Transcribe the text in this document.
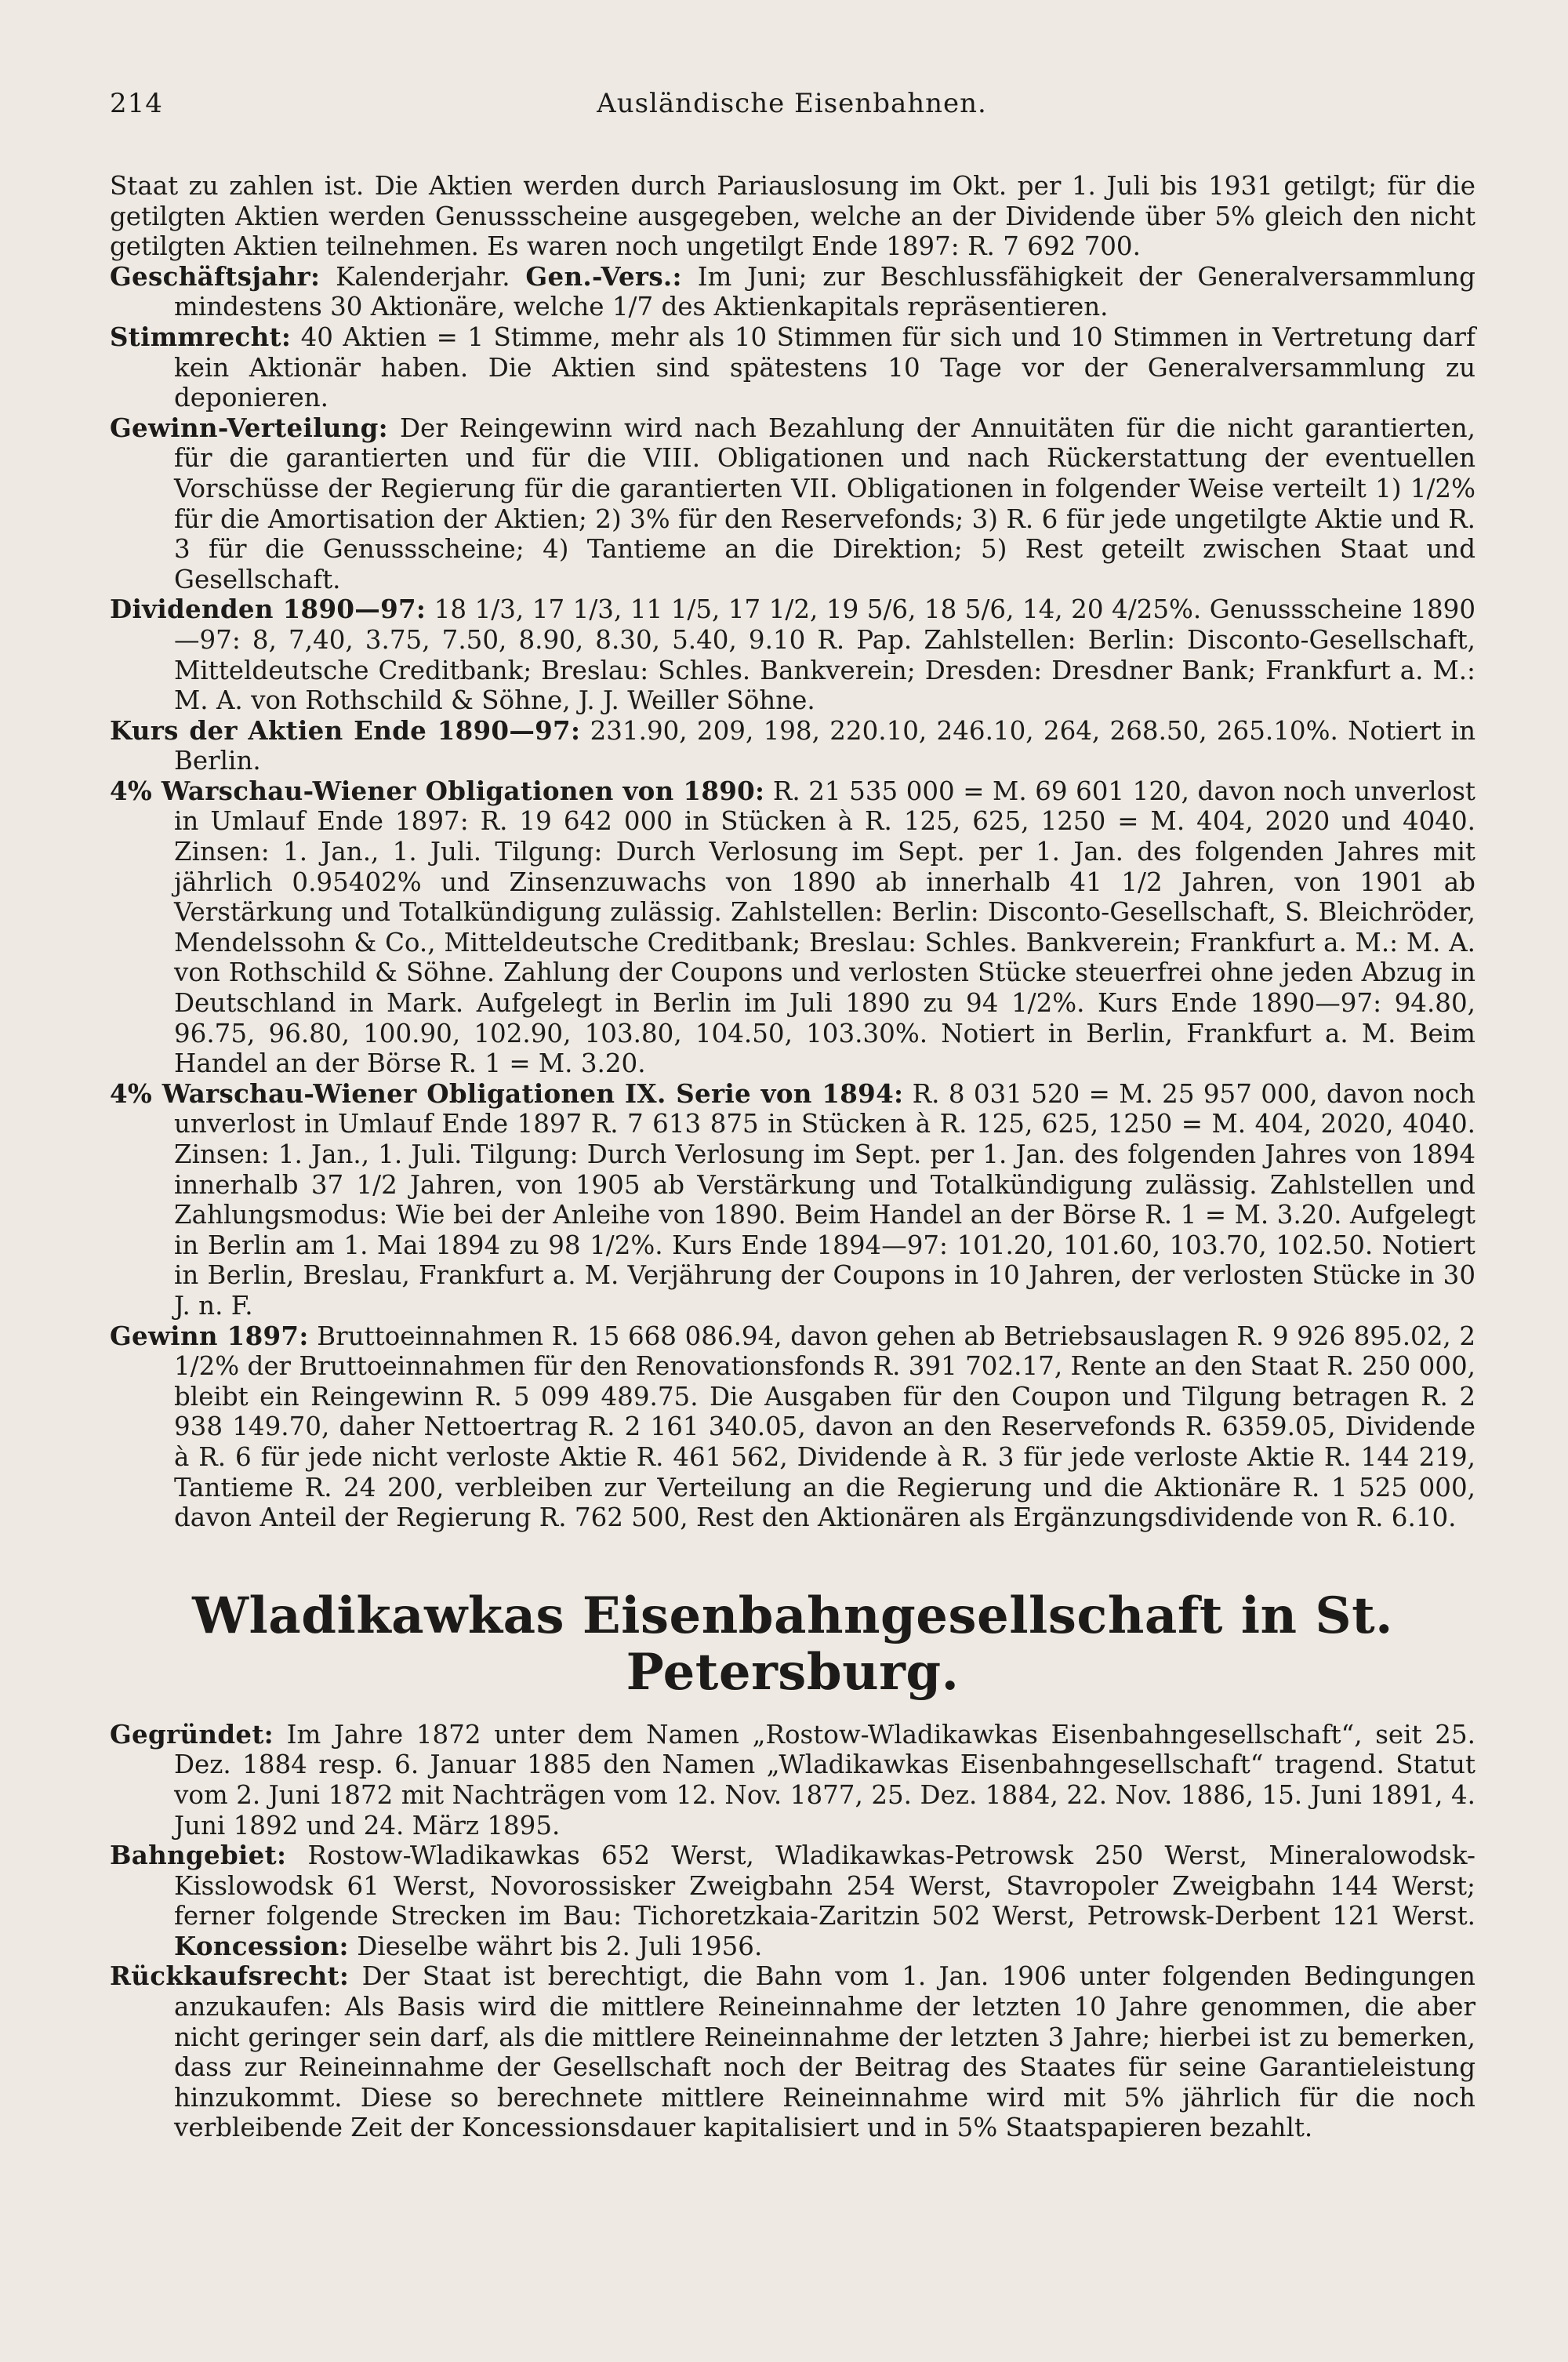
214	Ausländische Eisenbahnen.

Staat zu zahlen ist. Die Aktien werden durch Pariauslosung im Okt. per 1. Juli bis 1931 getilgt; für die getilgten Aktien werden Genussscheine ausgegeben, welche an der Dividende über 5% gleich den nicht getilgten Aktien teilnehmen. Es waren noch ungetilgt Ende 1897: R. 7 692 700.

Geschäftsjahr: Kalenderjahr. Gen.-Vers.: Im Juni; zur Beschlussfähigkeit der Generalversammlung mindestens 30 Aktionäre, welche 1/7 des Aktienkapitals repräsentieren.

Stimmrecht: 40 Aktien = 1 Stimme, mehr als 10 Stimmen für sich und 10 Stimmen in Vertretung darf kein Aktionär haben. Die Aktien sind spätestens 10 Tage vor der Generalversammlung zu deponieren.

Gewinn-Verteilung: Der Reingewinn wird nach Bezahlung der Annuitäten für die nicht garantierten, für die garantierten und für die VIII. Obligationen und nach Rückerstattung der eventuellen Vorschüsse der Regierung für die garantierten VII. Obligationen in folgender Weise verteilt 1) 1/2% für die Amortisation der Aktien; 2) 3% für den Reservefonds; 3) R. 6 für jede ungetilgte Aktie und R. 3 für die Genussscheine; 4) Tantieme an die Direktion; 5) Rest geteilt zwischen Staat und Gesellschaft.

Dividenden 1890—97: 18 1/3, 17 1/3, 11 1/5, 17 1/2, 19 5/6, 18 5/6, 14, 20 4/25%. Genussscheine 1890—97: 8, 7,40, 3.75, 7.50, 8.90, 8.30, 5.40, 9.10 R. Pap. Zahlstellen: Berlin: Disconto-Gesellschaft, Mitteldeutsche Creditbank; Breslau: Schles. Bankverein; Dresden: Dresdner Bank; Frankfurt a. M.: M. A. von Rothschild & Söhne, J. J. Weiller Söhne.

Kurs der Aktien Ende 1890—97: 231.90, 209, 198, 220.10, 246.10, 264, 268.50, 265.10%. Notiert in Berlin.

4% Warschau-Wiener Obligationen von 1890: R. 21 535 000 = M. 69 601 120, davon noch unverlost in Umlauf Ende 1897: R. 19 642 000 in Stücken à R. 125, 625, 1250 = M. 404, 2020 und 4040. Zinsen: 1. Jan., 1. Juli. Tilgung: Durch Verlosung im Sept. per 1. Jan. des folgenden Jahres mit jährlich 0.95402% und Zinsenzuwachs von 1890 ab innerhalb 41 1/2 Jahren, von 1901 ab Verstärkung und Totalkündigung zulässig. Zahlstellen: Berlin: Disconto-Gesellschaft, S. Bleichröder, Mendelssohn & Co., Mitteldeutsche Creditbank; Breslau: Schles. Bankverein; Frankfurt a. M.: M. A. von Rothschild & Söhne. Zahlung der Coupons und verlosten Stücke steuerfrei ohne jeden Abzug in Deutschland in Mark. Aufgelegt in Berlin im Juli 1890 zu 94 1/2%. Kurs Ende 1890—97: 94.80, 96.75, 96.80, 100.90, 102.90, 103.80, 104.50, 103.30%. Notiert in Berlin, Frankfurt a. M. Beim Handel an der Börse R. 1 = M. 3.20.

4% Warschau-Wiener Obligationen IX. Serie von 1894: R. 8 031 520 = M. 25 957 000, davon noch unverlost in Umlauf Ende 1897 R. 7 613 875 in Stücken à R. 125, 625, 1250 = M. 404, 2020, 4040. Zinsen: 1. Jan., 1. Juli. Tilgung: Durch Verlosung im Sept. per 1. Jan. des folgenden Jahres von 1894 innerhalb 37 1/2 Jahren, von 1905 ab Verstärkung und Totalkündigung zulässig. Zahlstellen und Zahlungsmodus: Wie bei der Anleihe von 1890. Beim Handel an der Börse R. 1 = M. 3.20. Aufgelegt in Berlin am 1. Mai 1894 zu 98 1/2%. Kurs Ende 1894—97: 101.20, 101.60, 103.70, 102.50. Notiert in Berlin, Breslau, Frankfurt a. M. Verjährung der Coupons in 10 Jahren, der verlosten Stücke in 30 J. n. F.

Gewinn 1897: Bruttoeinnahmen R. 15 668 086.94, davon gehen ab Betriebsauslagen R. 9 926 895.02, 2 1/2% der Bruttoeinnahmen für den Renovationsfonds R. 391 702.17, Rente an den Staat R. 250 000, bleibt ein Reingewinn R. 5 099 489.75. Die Ausgaben für den Coupon und Tilgung betragen R. 2 938 149.70, daher Nettoertrag R. 2 161 340.05, davon an den Reservefonds R. 6359.05, Dividende à R. 6 für jede nicht verloste Aktie R. 461 562, Dividende à R. 3 für jede verloste Aktie R. 144 219, Tantieme R. 24 200, verbleiben zur Verteilung an die Regierung und die Aktionäre R. 1 525 000, davon Anteil der Regierung R. 762 500, Rest den Aktionären als Ergänzungsdividende von R. 6.10.

Wladikawkas Eisenbahngesellschaft in St. Petersburg.

Gegründet: Im Jahre 1872 unter dem Namen „Rostow-Wladikawkas Eisenbahngesellschaft“, seit 25. Dez. 1884 resp. 6. Januar 1885 den Namen „Wladikawkas Eisenbahngesellschaft“ tragend. Statut vom 2. Juni 1872 mit Nachträgen vom 12. Nov. 1877, 25. Dez. 1884, 22. Nov. 1886, 15. Juni 1891, 4. Juni 1892 und 24. März 1895.

Bahngebiet: Rostow-Wladikawkas 652 Werst, Wladikawkas-Petrowsk 250 Werst, Mineralowodsk-Kisslowodsk 61 Werst, Novorossisker Zweigbahn 254 Werst, Stavropoler Zweigbahn 144 Werst; ferner folgende Strecken im Bau: Tichoretzkaia-Zaritzin 502 Werst, Petrowsk-Derbent 121 Werst. Koncession: Dieselbe währt bis 2. Juli 1956.

Rückkaufsrecht: Der Staat ist berechtigt, die Bahn vom 1. Jan. 1906 unter folgenden Bedingungen anzukaufen: Als Basis wird die mittlere Reineinnahme der letzten 10 Jahre genommen, die aber nicht geringer sein darf, als die mittlere Reineinnahme der letzten 3 Jahre; hierbei ist zu bemerken, dass zur Reineinnahme der Gesellschaft noch der Beitrag des Staates für seine Garantieleistung hinzukommt. Diese so berechnete mittlere Reineinnahme wird mit 5% jährlich für die noch verbleibende Zeit der Koncessionsdauer kapitalisiert und in 5% Staatspapieren bezahlt.
